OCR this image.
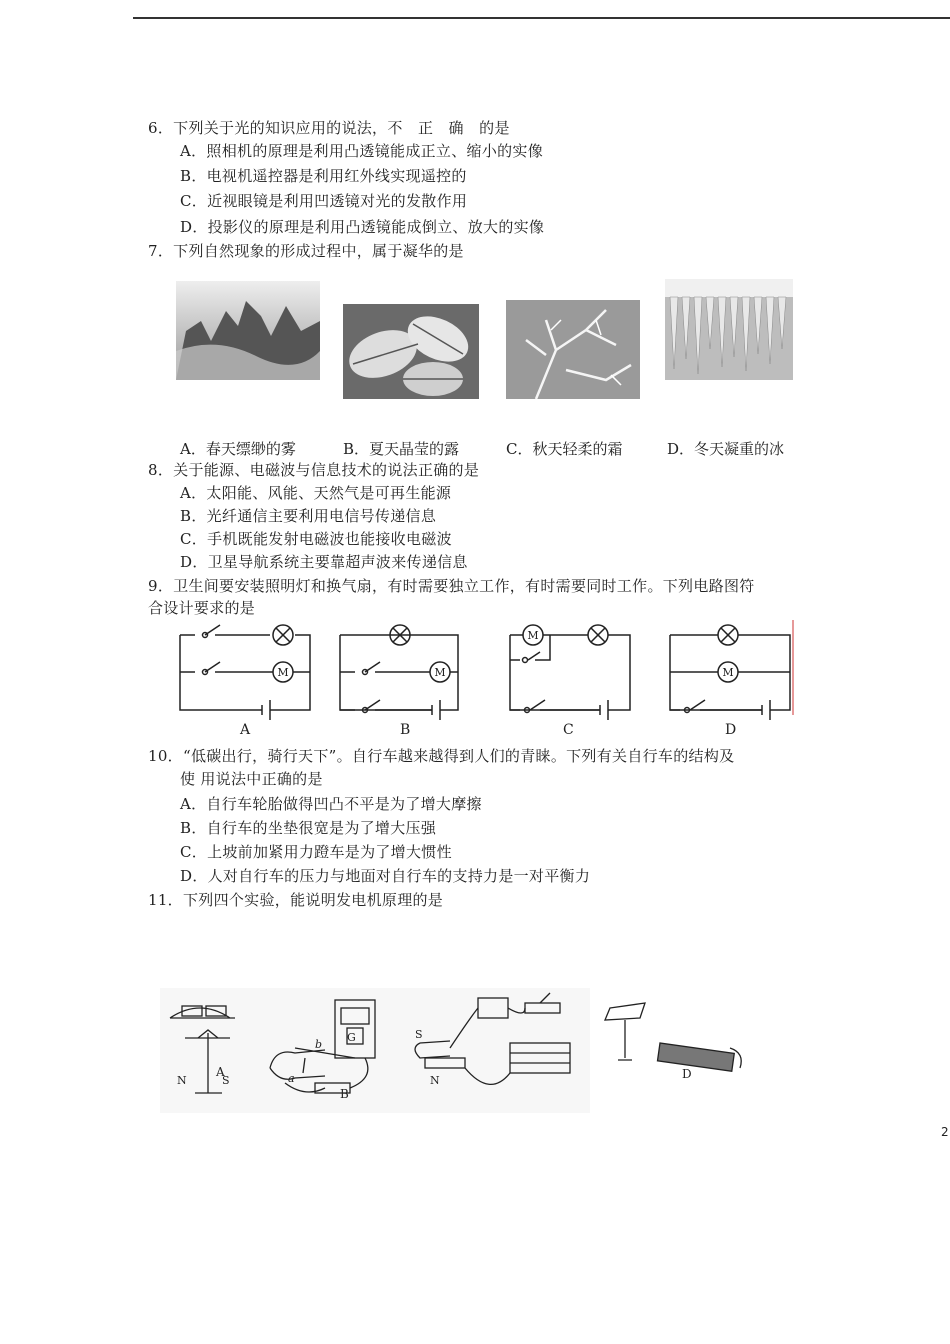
6．下列关于光的知识应用的说法，不　正　确　的是
A．照相机的原理是利用凸透镜能成正立、缩小的实像
B．电视机遥控器是利用红外线实现遥控的
C．近视眼镜是利用凹透镜对光的发散作用
D．投影仪的原理是利用凸透镜能成倒立、放大的实像
7．下列自然现象的形成过程中，属于凝华的是
A．春天缥缈的雾	B．夏天晶莹的露	C．秋天轻柔的霜	D．冬天凝重的冰
8．关于能源、电磁波与信息技术的说法正确的是
A．太阳能、风能、天然气是可再生能源
B．光纤通信主要利用电信号传递信息
C．手机既能发射电磁波也能接收电磁波
D．卫星导航系统主要靠超声波来传递信息
9．卫生间要安装照明灯和换气扇，有时需要独立工作，有时需要同时工作。下列电路图符
合设计要求的是
M	M
M
M
A	B	C	D
10．“低碳出行，骑行天下”。自行车越来越得到人们的青睐。下列有关自行车的结构及
使 用说法中正确的是
A．自行车轮胎做得凹凸不平是为了增大摩擦
B．自行车的坐垫很宽是为了增大压强
C．上坡前加紧用力蹬车是为了增大惯性
D．人对自行车的压力与地面对自行车的支持力是一对平衡力
11．下列四个实验，能说明发电机原理的是
N	S
A
G
B
b
a
S
N	D
2
